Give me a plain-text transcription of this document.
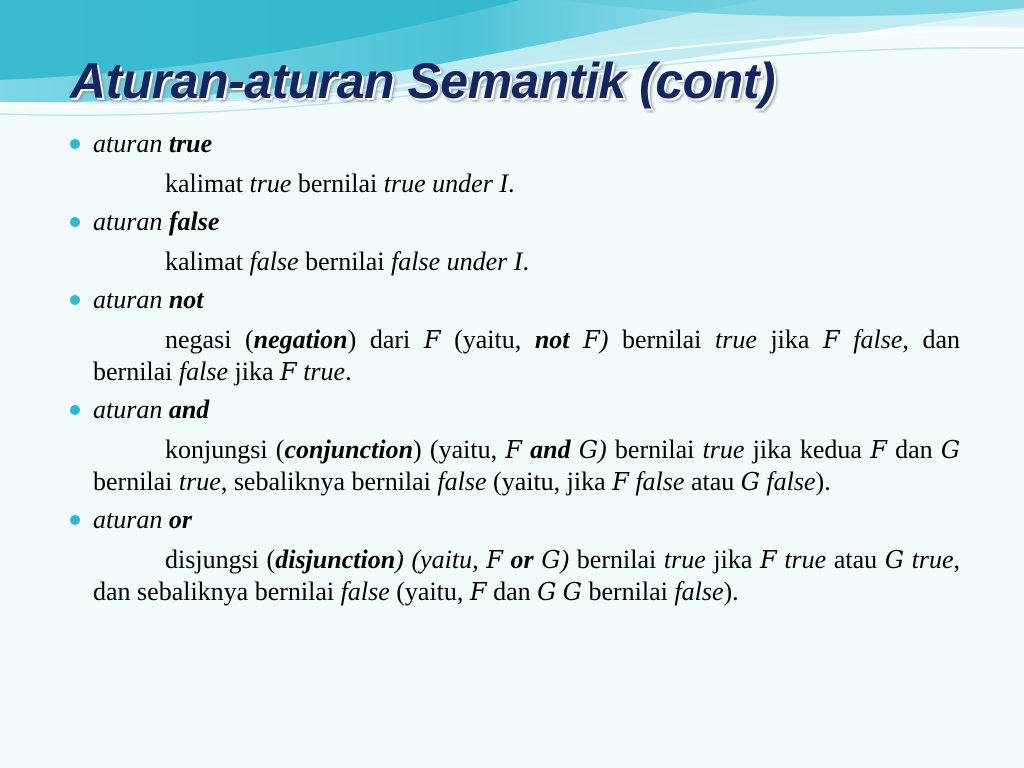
Aturan-aturan Semantik (cont)
aturan true
kalimat true bernilai true under I.
aturan false
kalimat false bernilai false under I.
aturan not
negasi (negation) dari F (yaitu, not F) bernilai true jika F false, dan bernilai false jika F true.
aturan and
konjungsi (conjunction) (yaitu, F and G) bernilai true jika kedua F dan G bernilai true, sebaliknya bernilai false (yaitu, jika F false atau G false).
aturan or
disjungsi (disjunction) (yaitu, F or G) bernilai true jika F true atau G true, dan sebaliknya bernilai false (yaitu, F dan G G bernilai false).
